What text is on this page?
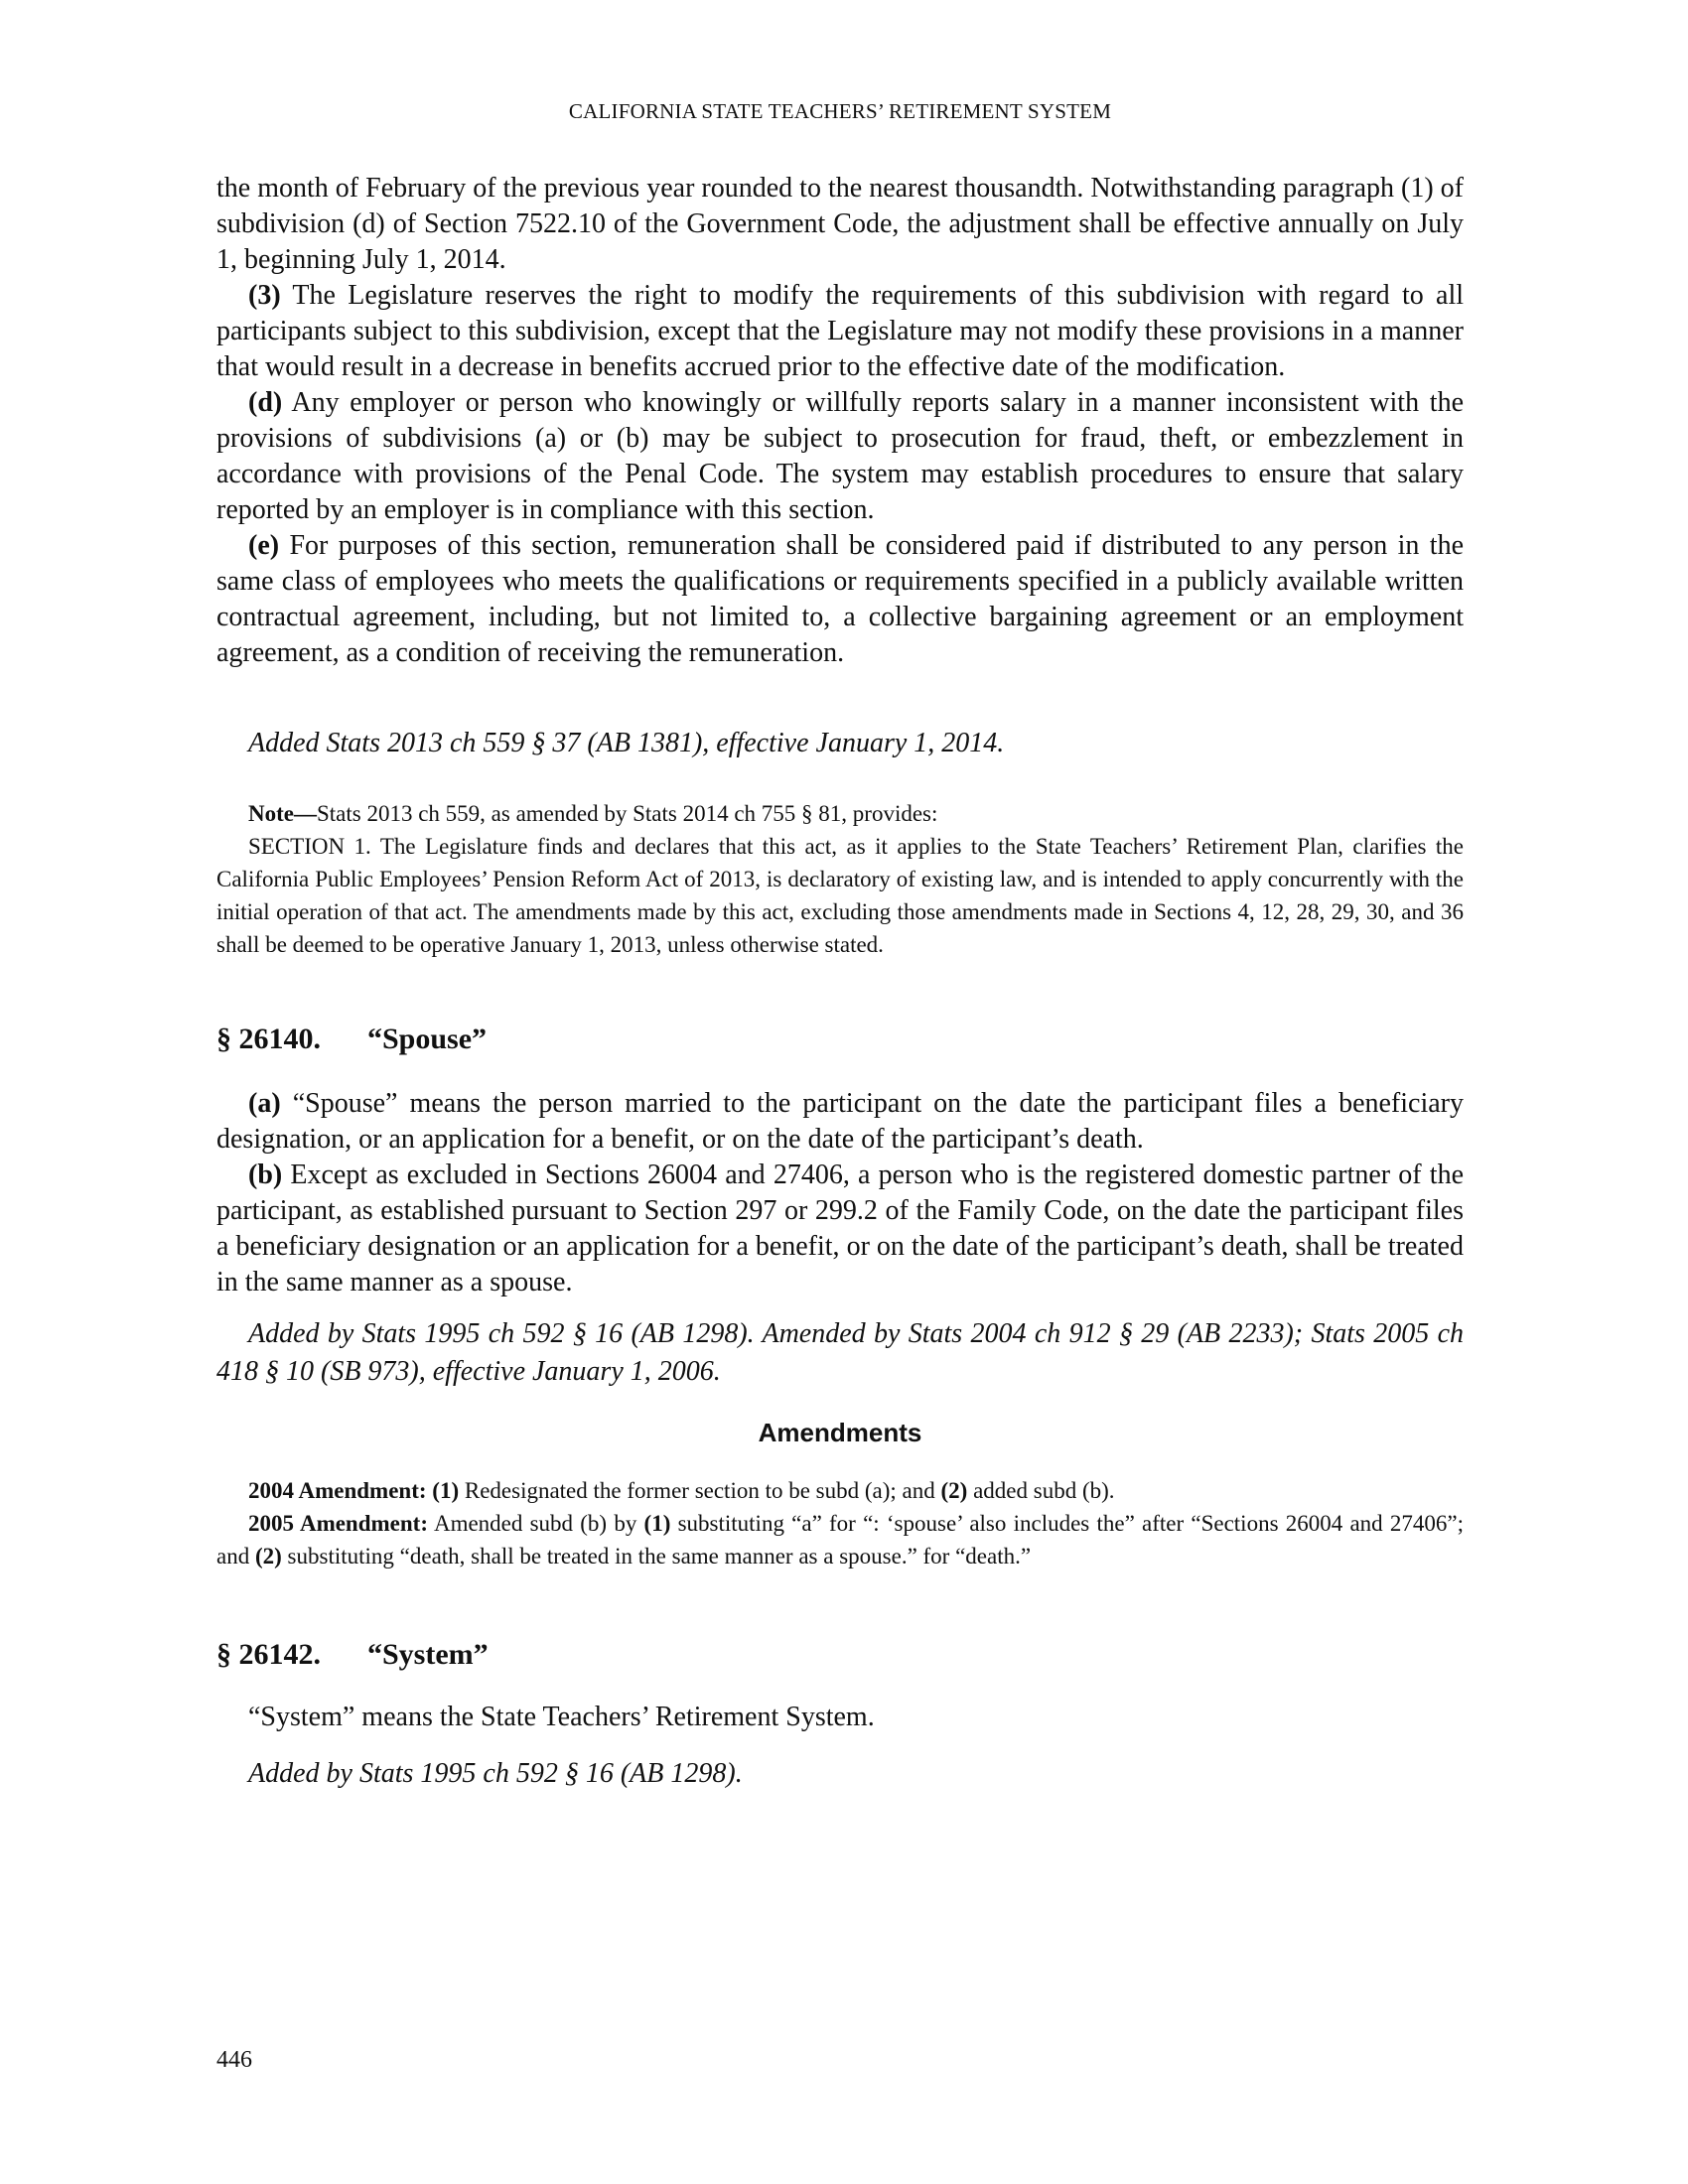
CALIFORNIA STATE TEACHERS’ RETIREMENT SYSTEM

the month of February of the previous year rounded to the nearest thousandth. Notwithstanding paragraph (1) of subdivision (d) of Section 7522.10 of the Government Code, the adjustment shall be effective annually on July 1, beginning July 1, 2014.

(3) The Legislature reserves the right to modify the requirements of this subdivision with regard to all participants subject to this subdivision, except that the Legislature may not modify these provisions in a manner that would result in a decrease in benefits accrued prior to the effective date of the modification.

(d) Any employer or person who knowingly or willfully reports salary in a manner inconsistent with the provisions of subdivisions (a) or (b) may be subject to prosecution for fraud, theft, or embezzlement in accordance with provisions of the Penal Code. The system may establish procedures to ensure that salary reported by an employer is in compliance with this section.

(e) For purposes of this section, remuneration shall be considered paid if distributed to any person in the same class of employees who meets the qualifications or requirements specified in a publicly available written contractual agreement, including, but not limited to, a collective bargaining agreement or an employment agreement, as a condition of receiving the remuneration.

Added Stats 2013 ch 559 § 37 (AB 1381), effective January 1, 2014.

Note—Stats 2013 ch 559, as amended by Stats 2014 ch 755 § 81, provides:

SECTION 1. The Legislature finds and declares that this act, as it applies to the State Teachers’ Retirement Plan, clarifies the California Public Employees’ Pension Reform Act of 2013, is declaratory of existing law, and is intended to apply concurrently with the initial operation of that act. The amendments made by this act, excluding those amendments made in Sections 4, 12, 28, 29, 30, and 36 shall be deemed to be operative January 1, 2013, unless otherwise stated.

§ 26140. “Spouse”

(a) “Spouse” means the person married to the participant on the date the participant files a beneficiary designation, or an application for a benefit, or on the date of the participant’s death.

(b) Except as excluded in Sections 26004 and 27406, a person who is the registered domestic partner of the participant, as established pursuant to Section 297 or 299.2 of the Family Code, on the date the participant files a beneficiary designation or an application for a benefit, or on the date of the participant’s death, shall be treated in the same manner as a spouse.

Added by Stats 1995 ch 592 § 16 (AB 1298). Amended by Stats 2004 ch 912 § 29 (AB 2233); Stats 2005 ch 418 § 10 (SB 973), effective January 1, 2006.

Amendments

2004 Amendment: (1) Redesignated the former section to be subd (a); and (2) added subd (b).

2005 Amendment: Amended subd (b) by (1) substituting “a” for “: ‘spouse’ also includes the” after “Sections 26004 and 27406”; and (2) substituting “death, shall be treated in the same manner as a spouse.” for “death.”

§ 26142. “System”

“System” means the State Teachers’ Retirement System.

Added by Stats 1995 ch 592 § 16 (AB 1298).

446
